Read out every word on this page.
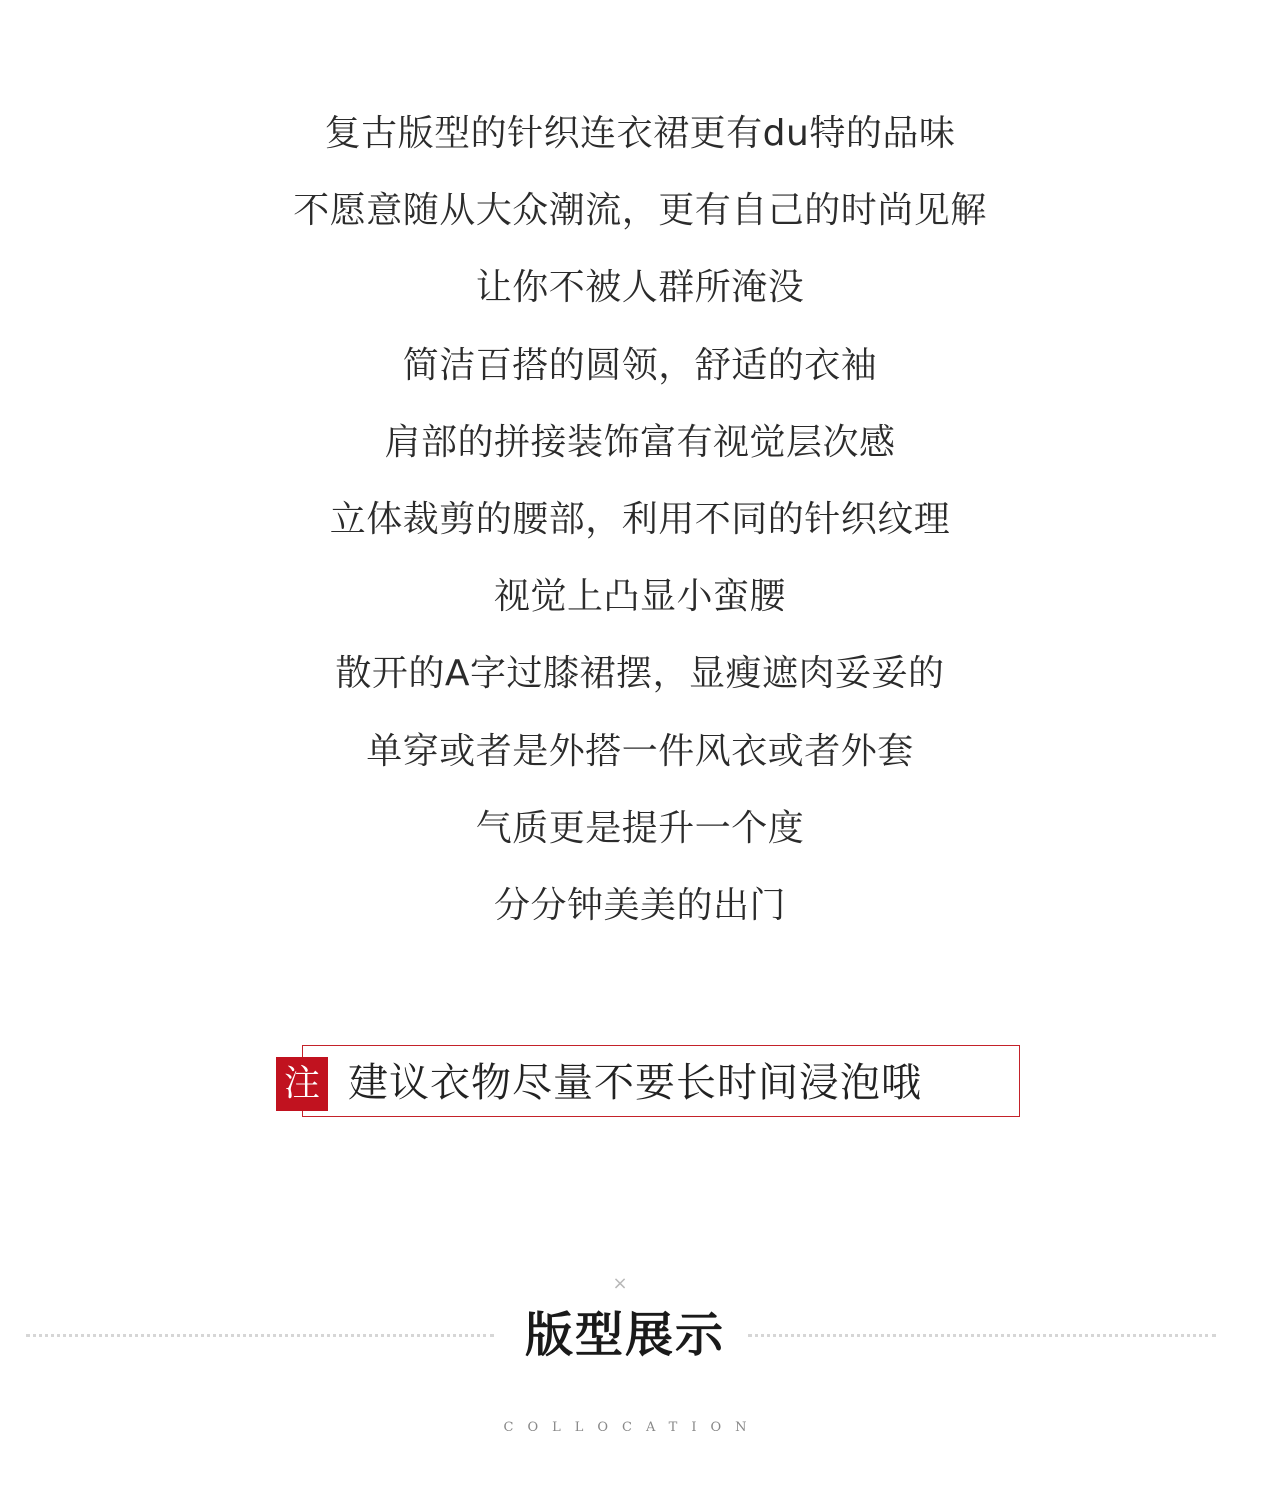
复古版型的针织连衣裙更有du特的品味
不愿意随从大众潮流，更有自己的时尚见解
让你不被人群所淹没
简洁百搭的圆领，舒适的衣袖
肩部的拼接装饰富有视觉层次感
立体裁剪的腰部，利用不同的针织纹理
视觉上凸显小蛮腰
散开的A字过膝裙摆，显瘦遮肉妥妥的
单穿或者是外搭一件风衣或者外套
气质更是提升一个度
分分钟美美的出门
注 建议衣物尽量不要长时间浸泡哦
×
版型展示
COLLOCATION
